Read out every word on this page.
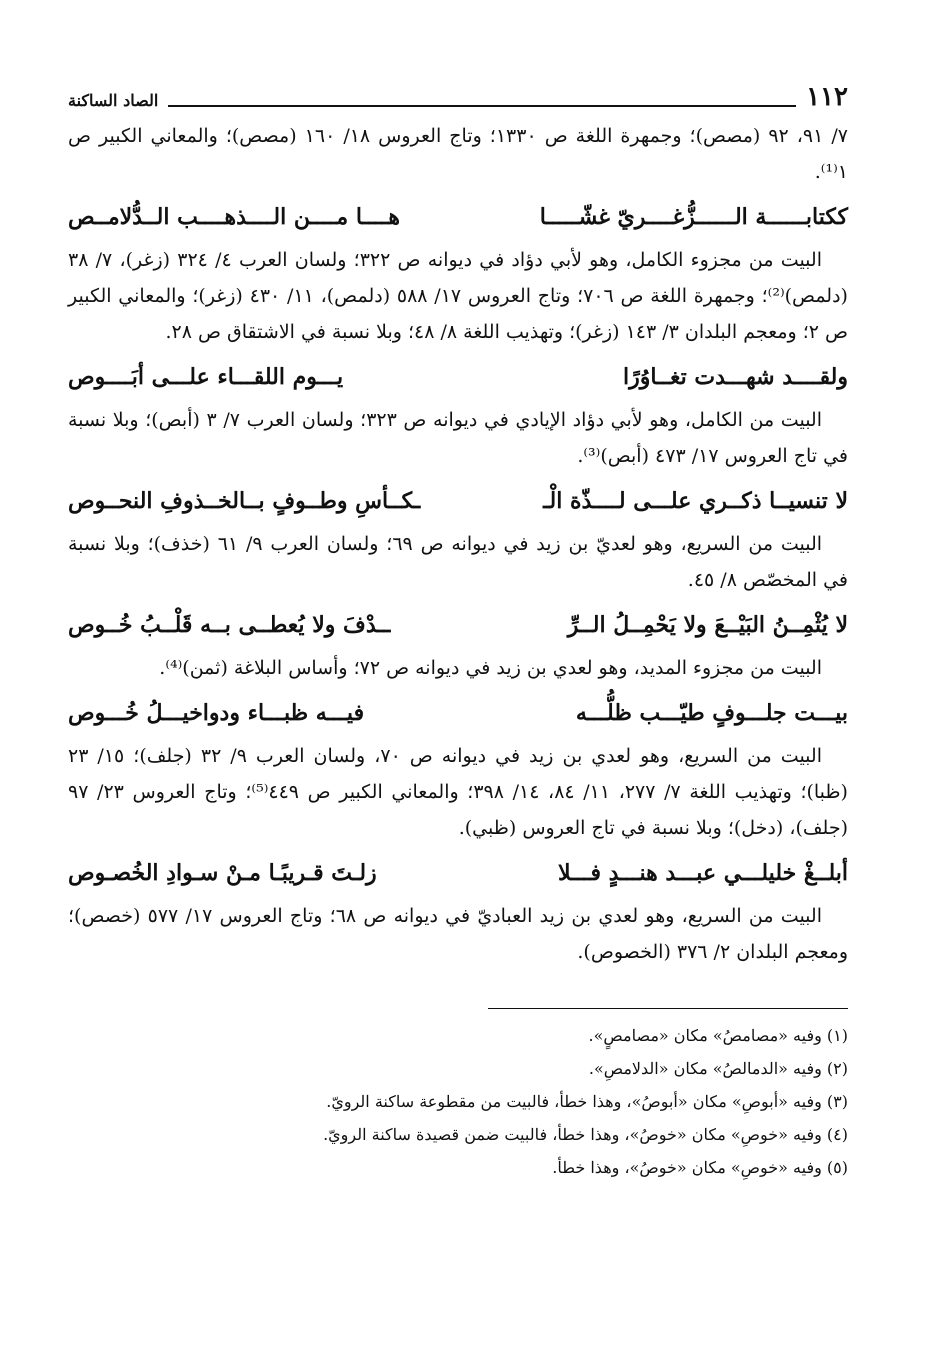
١١٢
الصاد الساكنة

٧/ ٩١، ٩٢ (مصص)؛ وجمهرة اللغة ص ١٣٣٠؛ وتاج العروس ١٨/ ١٦٠ (مصص)؛ والمعاني الكبير ص ١⁽¹⁾.

ككتابــــــة الــــــزُّغــــريّ غشّـــــا
هــــا مــــن الــــذهــــب الــدُّلامــص

البيت من مجزوء الكامل، وهو لأبي دؤاد في ديوانه ص ٣٢٢؛ ولسان العرب ٤/ ٣٢٤ (زغر)، ٧/ ٣٨ (دلمص)⁽²⁾؛ وجمهرة اللغة ص ٧٠٦؛ وتاج العروس ١٧/ ٥٨٨ (دلمص)، ١١/ ٤٣٠ (زغر)؛ والمعاني الكبير ص ٢؛ ومعجم البلدان ٣/ ١٤٣ (زغر)؛ وتهذيب اللغة ٨/ ٤٨؛ وبلا نسبة في الاشتقاق ص ٢٨.

ولقــــد شهـــدت تغــاوُرًا
يـــوم اللقـــاء علـــى أبَــــوص

البيت من الكامل، وهو لأبي دؤاد الإيادي في ديوانه ص ٣٢٣؛ ولسان العرب ٧/ ٣ (أبص)؛ وبلا نسبة في تاج العروس ١٧/ ٤٧٣ (أبص)⁽³⁾.

لا تنسيــا ذكــري علـــى لــــذّة الْـ
ـكــأسِ وطــوفٍ بــالخــذوفِ النحــوص

البيت من السريع، وهو لعديّ بن زيد في ديوانه ص ٦٩؛ ولسان العرب ٩/ ٦١ (خذف)؛ وبلا نسبة في المخصّص ٨/ ٤٥.

لا يُثْمِــنُ البَيْــعَ ولا يَحْمِــلُ الــرِّ
ــدْفَ ولا يُعطــى بــه قَلْــبُ خُــوص

البيت من مجزوء المديد، وهو لعدي بن زيد في ديوانه ص ٧٢؛ وأساس البلاغة (ثمن)⁽⁴⁾.

بيـــت جلـــوفٍ طيّـــب ظلُّـــه
فيـــه ظبـــاء ودواخيـــلُ خُـــوص

البيت من السريع، وهو لعدي بن زيد في ديوانه ص ٧٠، ولسان العرب ٩/ ٣٢ (جلف)؛ ١٥/ ٢٣ (ظبا)؛ وتهذيب اللغة ٧/ ٢٧٧، ١١/ ٨٤، ١٤/ ٣٩٨؛ والمعاني الكبير ص ٤٤٩⁽⁵⁾؛ وتاج العروس ٢٣/ ٩٧ (جلف)، (دخل)؛ وبلا نسبة في تاج العروس (ظبي).

أبلــغْ خليلـــي عبـــد هنـــدٍ فـــلا
زلـتَ قـريبًـا مـنْ سـوادِ الخُصـوص

البيت من السريع، وهو لعدي بن زيد العباديّ في ديوانه ص ٦٨؛ وتاج العروس ١٧/ ٥٧٧ (خصص)؛ ومعجم البلدان ٢/ ٣٧٦ (الخصوص).

(١) وفيه «مصامصُ» مكان «مصامصٍ».

(٢) وفيه «الدمالصُ» مكان «الدلامصِ».

(٣) وفيه «أبوصِ» مكان «أبوصُ»، وهذا خطأ، فالبيت من مقطوعة ساكنة الرويّ.

(٤) وفيه «خوصِ» مكان «خوصُ»، وهذا خطأ، فالبيت ضمن قصيدة ساكنة الرويّ.

(٥) وفيه «خوصِ» مكان «خوصُ»، وهذا خطأ.
